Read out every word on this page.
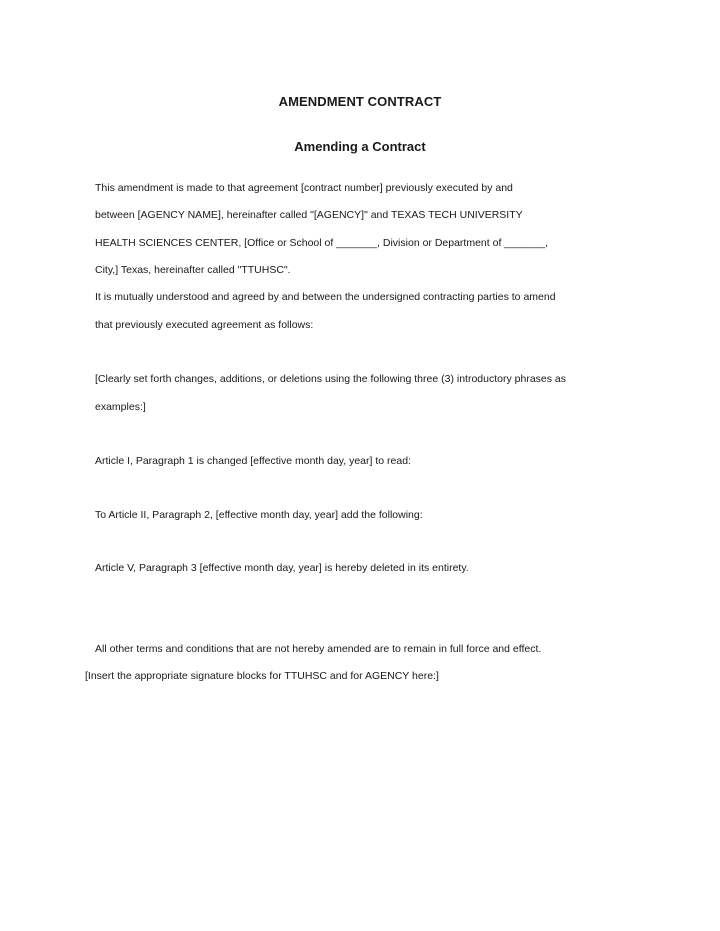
AMENDMENT CONTRACT
Amending a Contract
This amendment is made to that agreement [contract number] previously executed by and
between [AGENCY NAME], hereinafter called "[AGENCY]" and TEXAS TECH UNIVERSITY
HEALTH SCIENCES CENTER, [Office or School of _______, Division or Department of _______,
City,] Texas, hereinafter called "TTUHSC".
It is mutually understood and agreed by and between the undersigned contracting parties to amend
that previously executed agreement as follows:
[Clearly set forth changes, additions, or deletions using the following three (3) introductory phrases as
examples:]
Article I, Paragraph 1 is changed [effective month day, year] to read:
To Article II, Paragraph 2, [effective month day, year] add the following:
Article V, Paragraph 3 [effective month day, year] is hereby deleted in its entirety.
All other terms and conditions that are not hereby amended are to remain in full force and effect.
[Insert the appropriate signature blocks for TTUHSC and for AGENCY here:]
